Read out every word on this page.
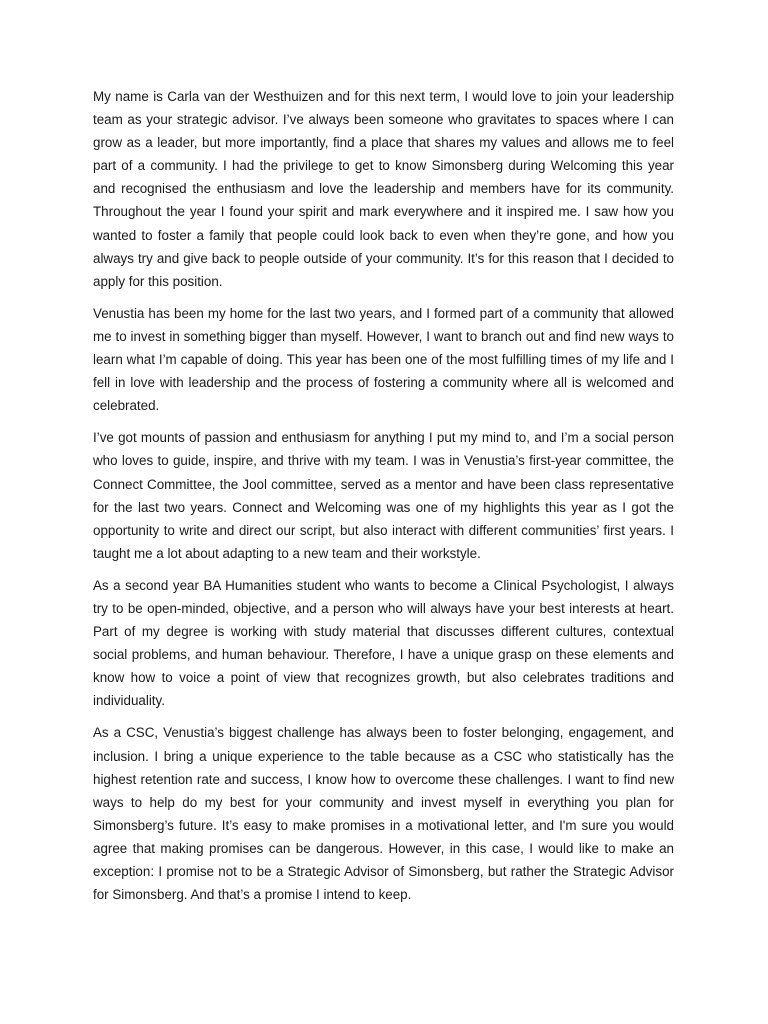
My name is Carla van der Westhuizen and for this next term, I would love to join your leadership team as your strategic advisor. I’ve always been someone who gravitates to spaces where I can grow as a leader, but more importantly, find a place that shares my values and allows me to feel part of a community. I had the privilege to get to know Simonsberg during Welcoming this year and recognised the enthusiasm and love the leadership and members have for its community. Throughout the year I found your spirit and mark everywhere and it inspired me. I saw how you wanted to foster a family that people could look back to even when they’re gone, and how you always try and give back to people outside of your community. It’s for this reason that I decided to apply for this position.

Venustia has been my home for the last two years, and I formed part of a community that allowed me to invest in something bigger than myself. However, I want to branch out and find new ways to learn what I’m capable of doing. This year has been one of the most fulfilling times of my life and I fell in love with leadership and the process of fostering a community where all is welcomed and celebrated.

I’ve got mounts of passion and enthusiasm for anything I put my mind to, and I’m a social person who loves to guide, inspire, and thrive with my team. I was in Venustia’s first-year committee, the Connect Committee, the Jool committee, served as a mentor and have been class representative for the last two years. Connect and Welcoming was one of my highlights this year as I got the opportunity to write and direct our script, but also interact with different communities’ first years. I taught me a lot about adapting to a new team and their workstyle.

As a second year BA Humanities student who wants to become a Clinical Psychologist, I always try to be open-minded, objective, and a person who will always have your best interests at heart. Part of my degree is working with study material that discusses different cultures, contextual social problems, and human behaviour. Therefore, I have a unique grasp on these elements and know how to voice a point of view that recognizes growth, but also celebrates traditions and individuality.

As a CSC, Venustia’s biggest challenge has always been to foster belonging, engagement, and inclusion. I bring a unique experience to the table because as a CSC who statistically has the highest retention rate and success, I know how to overcome these challenges. I want to find new ways to help do my best for your community and invest myself in everything you plan for Simonsberg’s future. It’s easy to make promises in a motivational letter, and I'm sure you would agree that making promises can be dangerous. However, in this case, I would like to make an exception: I promise not to be a Strategic Advisor of Simonsberg, but rather the Strategic Advisor for Simonsberg. And that’s a promise I intend to keep.
